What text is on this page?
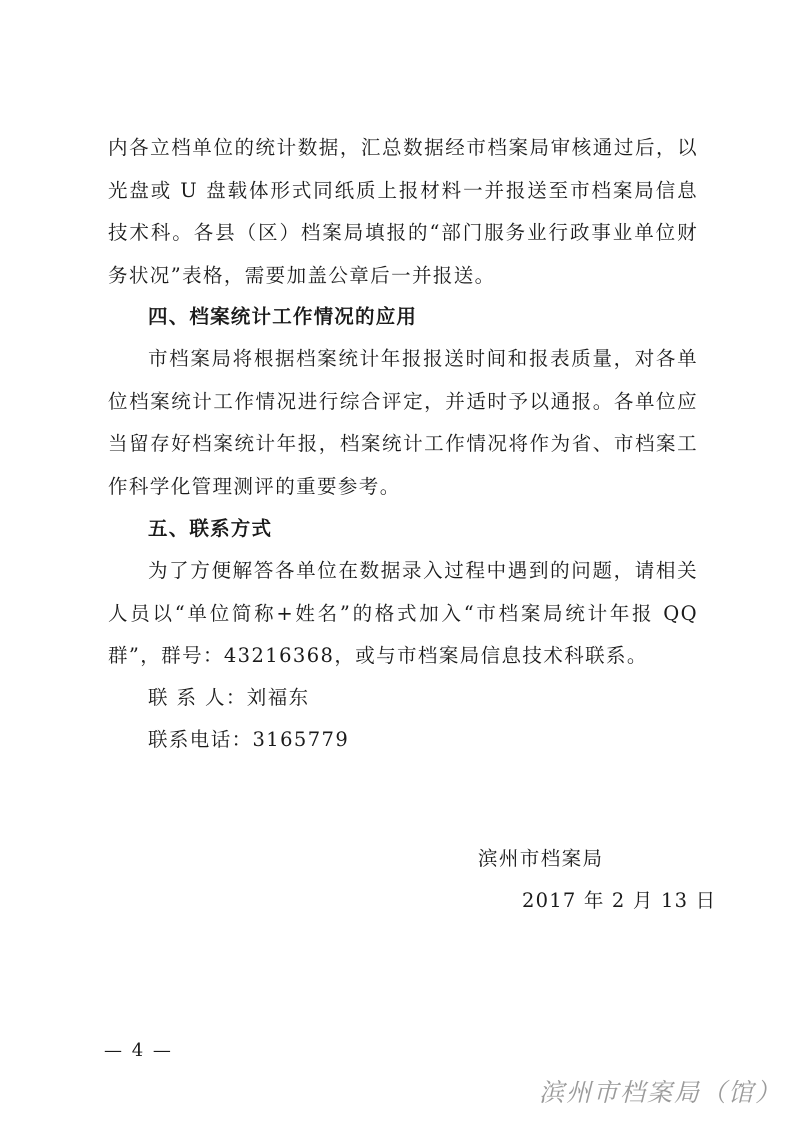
内各立档单位的统计数据，汇总数据经市档案局审核通过后，以光盘或 U 盘载体形式同纸质上报材料一并报送至市档案局信息技术科。各县（区）档案局填报的“部门服务业行政事业单位财务状况”表格，需要加盖公章后一并报送。

四、档案统计工作情况的应用

市档案局将根据档案统计年报报送时间和报表质量，对各单位档案统计工作情况进行综合评定，并适时予以通报。各单位应当留存好档案统计年报，档案统计工作情况将作为省、市档案工作科学化管理测评的重要参考。

五、联系方式

为了方便解答各单位在数据录入过程中遇到的问题，请相关人员以“单位简称+姓名”的格式加入“市档案局统计年报 QQ 群”，群号：43216368，或与市档案局信息技术科联系。

联 系 人：刘福东

联系电话：3165779

滨州市档案局

2017 年 2 月 13 日

— 4 —
滨州市档案局（馆）
